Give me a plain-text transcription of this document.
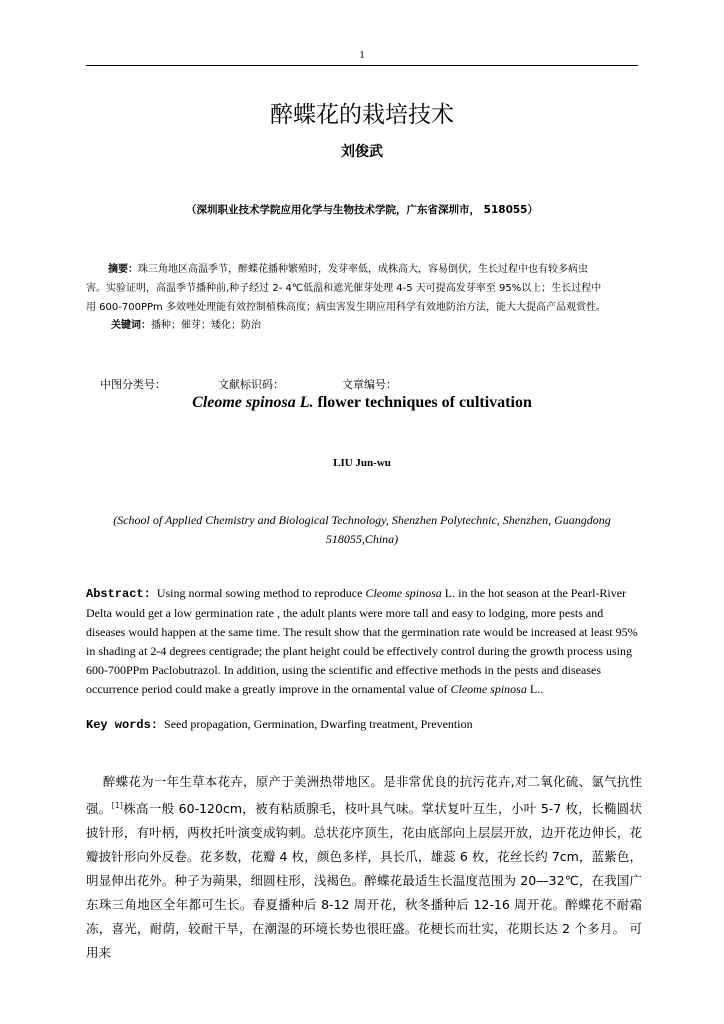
1
醉蝶花的栽培技术
刘俊武
（深圳职业技术学院应用化学与生物技术学院，广东省深圳市， 518055）
摘要：珠三角地区高温季节，醉蝶花播种繁殖时，发芽率低，成株高大，容易倒伏，生长过程中也有较多病虫
害。实验证明，高温季节播种前,种子经过 2- 4℃低温和遮光催芽处理 4-5 天可提高发芽率至 95%以上；生长过程中
用 600-700PPm 多效唑处理能有效控制植株高度；病虫害发生期应用科学有效地防治方法，能大大提高产品观赏性。
关键词：播种；催芽；矮化；防治
中图分类号：	文献标识码：	文章编号：
Cleome spinosa L. flower techniques of cultivation
LIU Jun-wu
(School of Applied Chemistry and Biological Technology, Shenzhen Polytechnic, Shenzhen, Guangdong
518055,China)
Abstract: Using normal sowing method to reproduce Cleome spinosa L. in the hot season at the Pearl-River Delta would get a low germination rate , the adult plants were more tall and easy to lodging, more pests and diseases would happen at the same time. The result show that the germination rate would be increased at least 95% in shading at 2-4 degrees centigrade; the plant height could be effectively control during the growth process using 600-700PPm Paclobutrazol. In addition, using the scientific and effective methods in the pests and diseases occurrence period could make a greatly improve in the ornamental value of Cleome spinosa L..
Key words: Seed propagation, Germination, Dwarfing treatment, Prevention
醉蝶花为一年生草本花卉，原产于美洲热带地区。是非常优良的抗污花卉,对二氧化硫、氯气抗性强。[1]株高一般 60-120cm，被有粘质腺毛，枝叶具气味。掌状复叶互生，小叶 5-7 枚，长椭圆状披针形，有叶柄，两枚托叶演变成钩刺。总状花序顶生，花由底部向上层层开放，边开花边伸长，花瓣披针形向外反卷。花多数，花瓣 4 枚，颜色多样，具长爪，雄蕊 6 枚，花丝长约 7cm，蓝紫色，明显伸出花外。种子为蒴果，细圆柱形，浅褐色。醉蝶花最适生长温度范围为 20—32℃，在我国广东珠三角地区全年都可生长。春夏播种后 8-12 周开花，秋冬播种后 12-16 周开花。醉蝶花不耐霜冻，喜光，耐荫，较耐干旱，在潮湿的环境长势也很旺盛。花梗长而壮实，花期长达 2 个多月。 可用来
